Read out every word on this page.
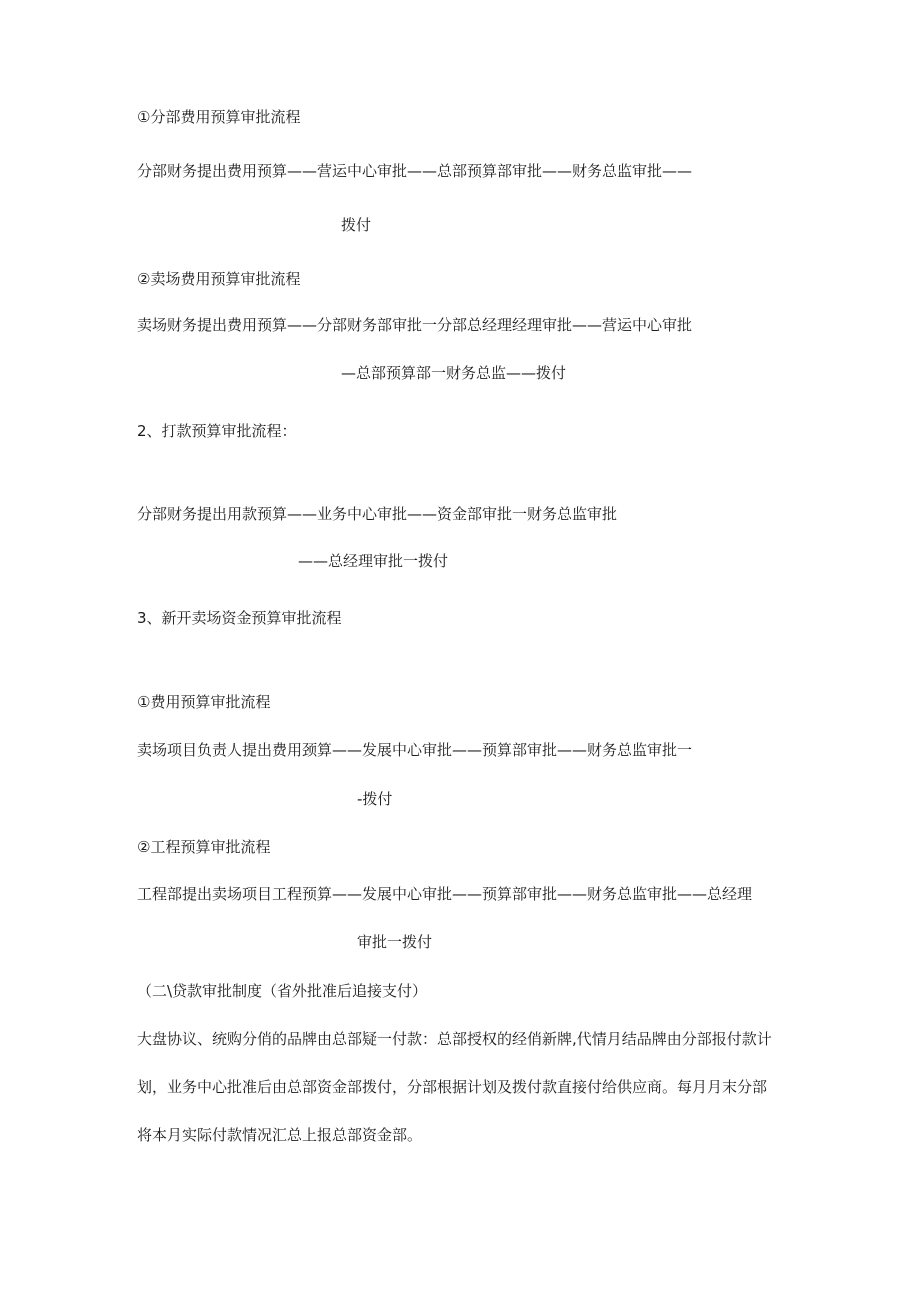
①分部费用预算审批流程
分部财务提出费用预算——营运中心审批——总部预算部审批——财务总监审批——
拨付
②卖场费用预算审批流程
卖场财务提出费用预算——分部财务部审批一分部总经理经理审批——营运中心审批
—总部预算部一财务总监——拨付
2、打款预算审批流程：
分部财务提出用款预算——业务中心审批——资金部审批一财务总监审批
——总经理审批一拨付
3、新开卖场资金预算审批流程
①费用预算审批流程
卖场项目负责人提出费用颈算——发展中心审批——预算部审批——财务总监审批一
-拨付
②工程预算审批流程
工程部提出卖场项目工程预算——发展中心审批——预算部审批——财务总监审批——总经理
审批一拨付
（二\贷款审批制度（省外批准后追接支付）
大盘协议、统购分俏的品牌由总部疑一付款：总部授权的经俏新牌,代情月结品牌由分部报付款计
划，业务中心批准后由总部资金部拨付，分部根据计划及拨付款直接付给供应商。每月月末分部
将本月实际付款情况汇总上报总部资金部。
